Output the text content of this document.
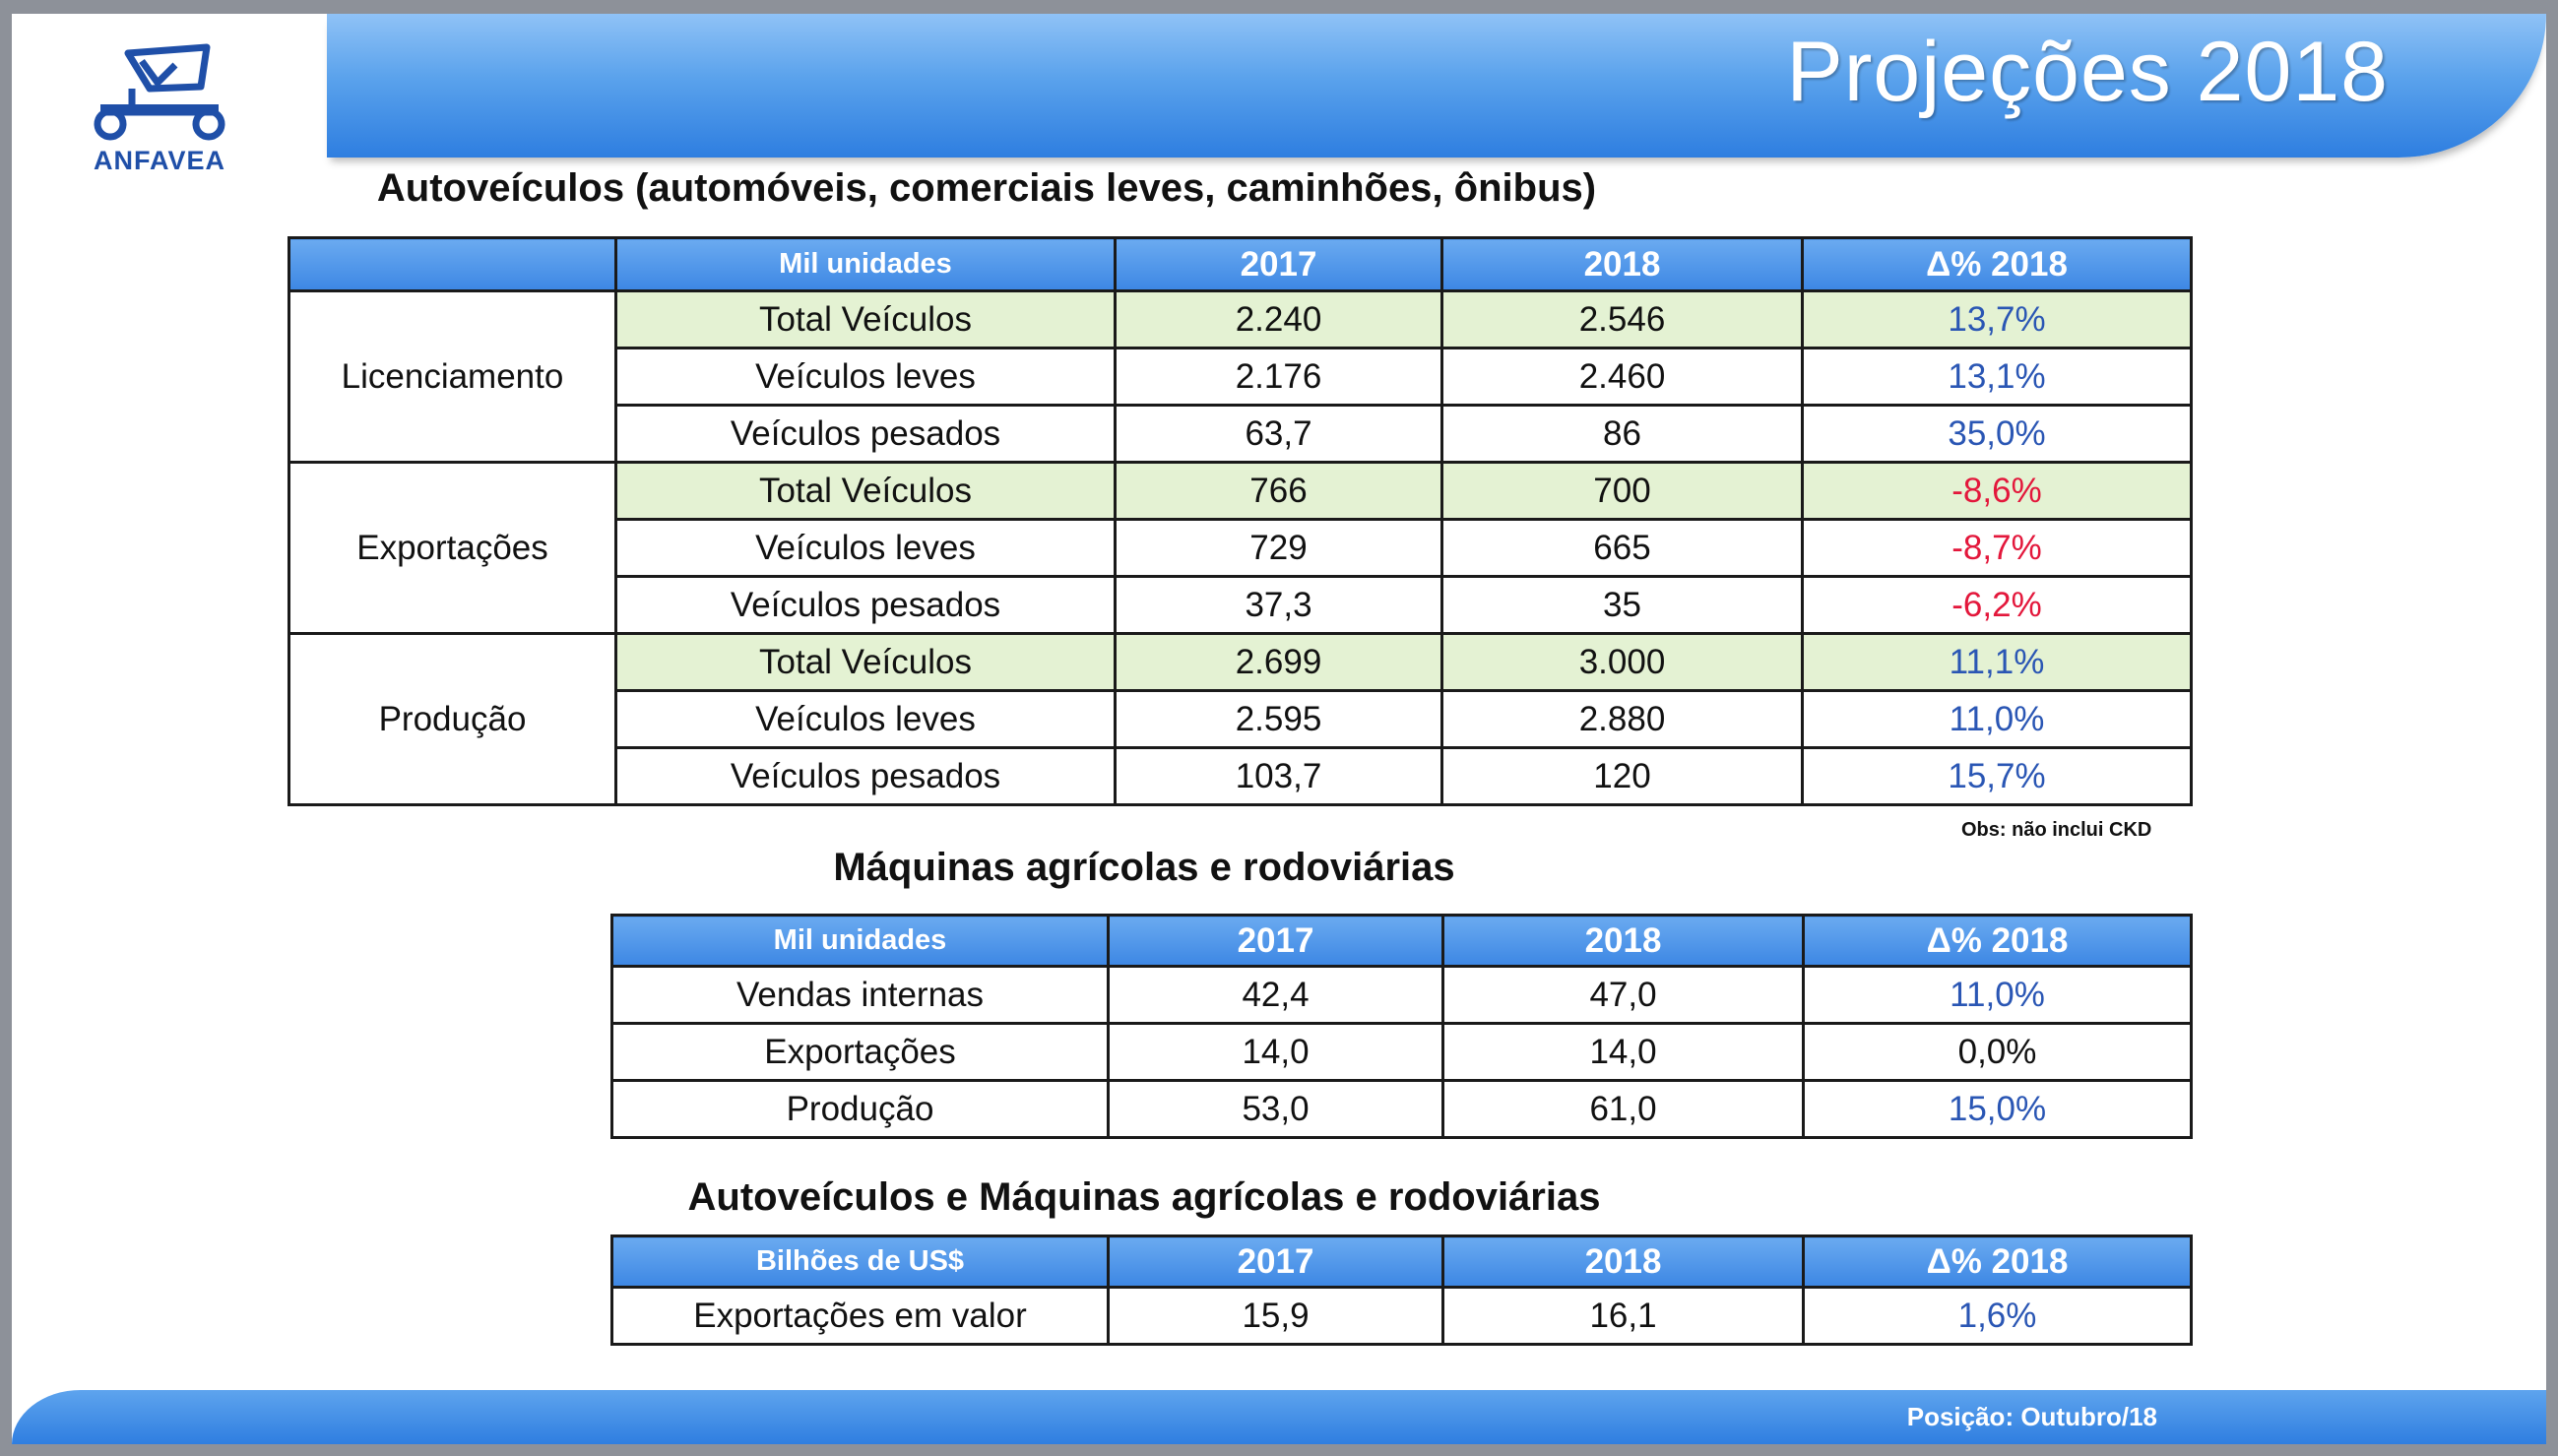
Projeções 2018
ANFAVEA
Autoveículos (automóveis, comerciais leves, caminhões, ônibus)
	Mil unidades	2017	2018	Δ% 2018
Licenciamento	Total Veículos	2.240	2.546	13,7%
	Veículos leves	2.176	2.460	13,1%
	Veículos pesados	63,7	86	35,0%
Exportações	Total Veículos	766	700	-8,6%
	Veículos leves	729	665	-8,7%
	Veículos pesados	37,3	35	-6,2%
Produção	Total Veículos	2.699	3.000	11,1%
	Veículos leves	2.595	2.880	11,0%
	Veículos pesados	103,7	120	15,7%
Obs: não inclui CKD
Máquinas agrícolas e rodoviárias
Mil unidades	2017	2018	Δ% 2018
Vendas internas	42,4	47,0	11,0%
Exportações	14,0	14,0	0,0%
Produção	53,0	61,0	15,0%
Autoveículos e Máquinas agrícolas e rodoviárias
Bilhões de US$	2017	2018	Δ% 2018
Exportações em valor	15,9	16,1	1,6%
Posição: Outubro/18
